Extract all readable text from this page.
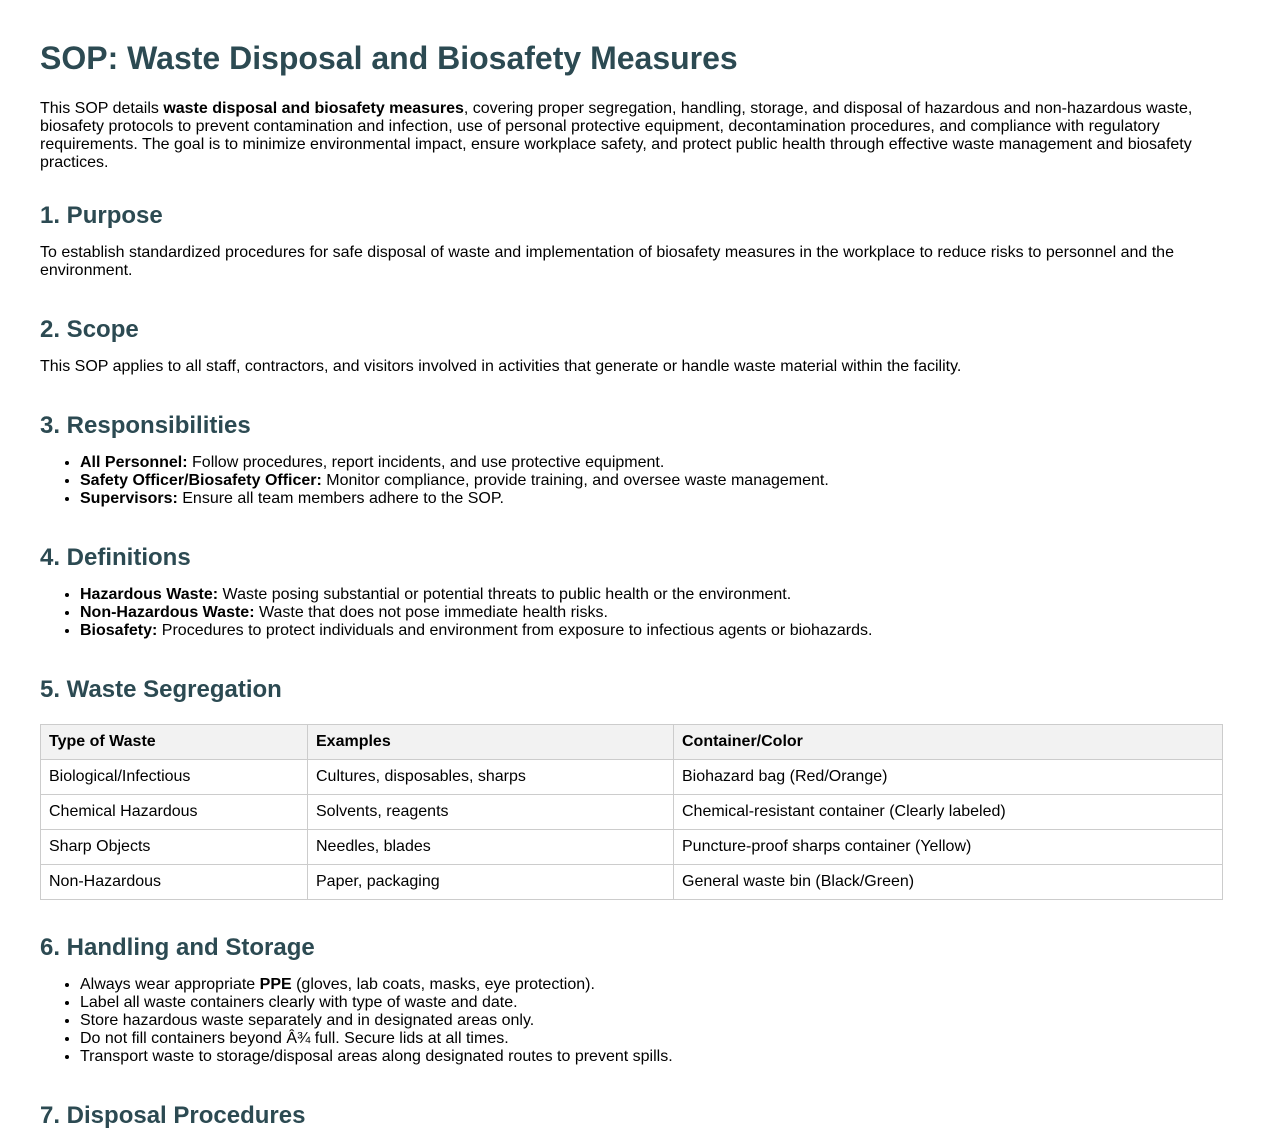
SOP: Waste Disposal and Biosafety Measures

This SOP details waste disposal and biosafety measures, covering proper segregation, handling, storage, and disposal of hazardous and non-hazardous waste, biosafety protocols to prevent contamination and infection, use of personal protective equipment, decontamination procedures, and compliance with regulatory requirements. The goal is to minimize environmental impact, ensure workplace safety, and protect public health through effective waste management and biosafety practices.

1. Purpose

To establish standardized procedures for safe disposal of waste and implementation of biosafety measures in the workplace to reduce risks to personnel and the environment.

2. Scope

This SOP applies to all staff, contractors, and visitors involved in activities that generate or handle waste material within the facility.

3. Responsibilities
• All Personnel: Follow procedures, report incidents, and use protective equipment.
• Safety Officer/Biosafety Officer: Monitor compliance, provide training, and oversee waste management.
• Supervisors: Ensure all team members adhere to the SOP.
4. Definitions
• Hazardous Waste: Waste posing substantial or potential threats to public health or the environment.
• Non-Hazardous Waste: Waste that does not pose immediate health risks.
• Biosafety: Procedures to protect individuals and environment from exposure to infectious agents or biohazards.
5. Waste Segregation
Type of Waste	Examples	Container/Color
Biological/Infectious	Cultures, disposables, sharps	Biohazard bag (Red/Orange)
Chemical Hazardous	Solvents, reagents	Chemical-resistant container (Clearly labeled)
Sharp Objects	Needles, blades	Puncture-proof sharps container (Yellow)
Non-Hazardous	Paper, packaging	General waste bin (Black/Green)
6. Handling and Storage
• Always wear appropriate PPE (gloves, lab coats, masks, eye protection).
• Label all waste containers clearly with type of waste and date.
• Store hazardous waste separately and in designated areas only.
• Do not fill containers beyond Â¾ full. Secure lids at all times.
• Transport waste to storage/disposal areas along designated routes to prevent spills.
7. Disposal Procedures
